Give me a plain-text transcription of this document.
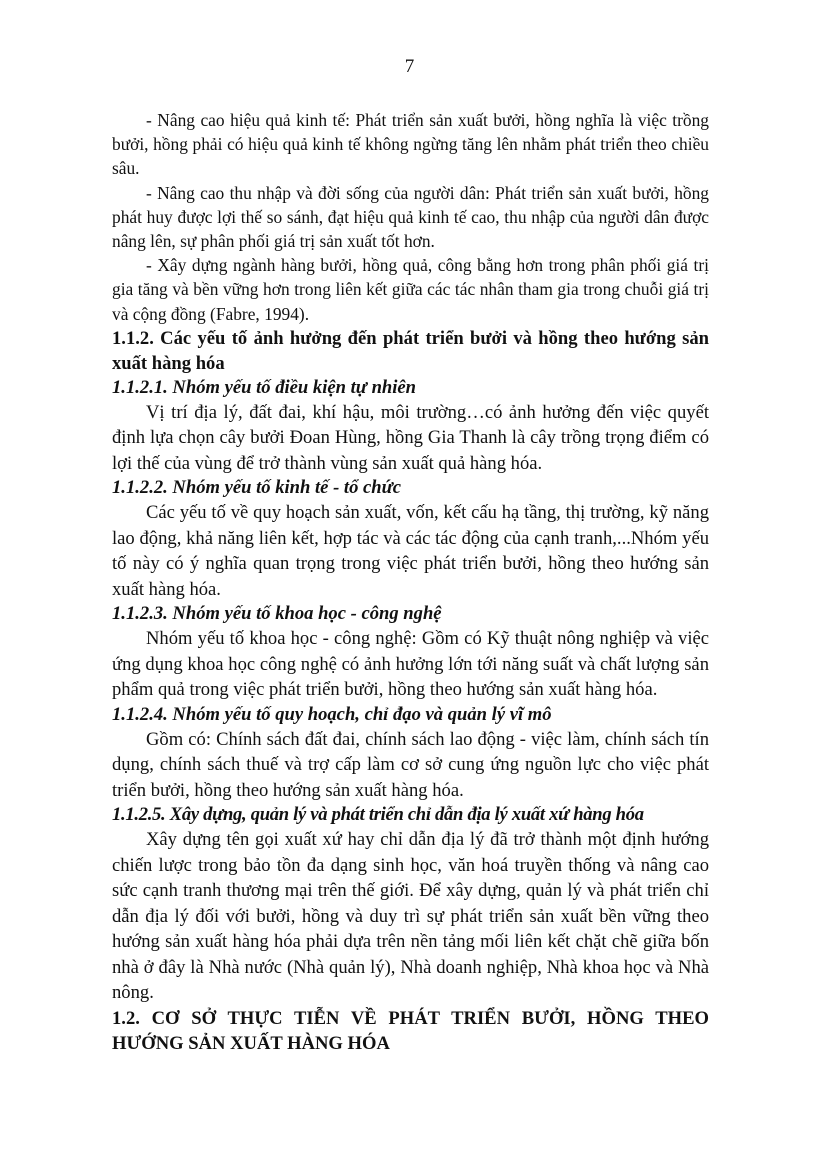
7

- Nâng cao hiệu quả kinh tế: Phát triển sản xuất bưởi, hồng nghĩa là việc trồng bưởi, hồng phải có hiệu quả kinh tế không ngừng tăng lên nhằm phát triển theo chiều sâu.

- Nâng cao thu nhập và đời sống của người dân: Phát triển sản xuất bưởi, hồng phát huy được lợi thế so sánh, đạt hiệu quả kinh tế cao, thu nhập của người dân được nâng lên, sự phân phối giá trị sản xuất tốt hơn.

- Xây dựng ngành hàng bưởi, hồng quả, công bằng hơn trong phân phối giá trị gia tăng và bền vững hơn trong liên kết giữa các tác nhân tham gia trong chuỗi giá trị và cộng đồng (Fabre, 1994).

1.1.2. Các yếu tố ảnh hưởng đến phát triển bưởi và hồng theo hướng sản xuất hàng hóa

1.1.2.1. Nhóm yếu tố điều kiện tự nhiên

Vị trí địa lý, đất đai, khí hậu, môi trường…có ảnh hưởng đến việc quyết định lựa chọn cây bưởi Đoan Hùng, hồng Gia Thanh là cây trồng trọng điểm có lợi thế của vùng để trở thành vùng sản xuất quả hàng hóa.

1.1.2.2. Nhóm yếu tố kinh tế - tổ chức

Các yếu tố về quy hoạch sản xuất, vốn, kết cấu hạ tầng, thị trường, kỹ năng lao động, khả năng liên kết, hợp tác và các tác động của cạnh tranh,...Nhóm yếu tố này có ý nghĩa quan trọng trong việc phát triển bưởi, hồng theo hướng sản xuất hàng hóa.

1.1.2.3. Nhóm yếu tố khoa học - công nghệ

Nhóm yếu tố khoa học - công nghệ: Gồm có Kỹ thuật nông nghiệp và việc ứng dụng khoa học công nghệ có ảnh hưởng lớn tới năng suất và chất lượng sản phẩm quả trong việc phát triển bưởi, hồng theo hướng sản xuất hàng hóa.

1.1.2.4. Nhóm yếu tố quy hoạch, chỉ đạo và quản lý vĩ mô

Gồm có: Chính sách đất đai, chính sách lao động - việc làm, chính sách tín dụng, chính sách thuế và trợ cấp làm cơ sở cung ứng nguồn lực cho việc phát triển bưởi, hồng theo hướng sản xuất hàng hóa.

1.1.2.5. Xây dựng, quản lý và phát triển chỉ dẫn địa lý xuất xứ hàng hóa

Xây dựng tên gọi xuất xứ hay chỉ dẫn địa lý đã trở thành một định hướng chiến lược trong bảo tồn đa dạng sinh học, văn hoá truyền thống và nâng cao sức cạnh tranh thương mại trên thế giới. Để xây dựng, quản lý và phát triển chỉ dẫn địa lý đối với bưởi, hồng và duy trì sự phát triển sản xuất bền vững theo hướng sản xuất hàng hóa phải dựa trên nền tảng mối liên kết chặt chẽ giữa bốn nhà ở đây là Nhà nước (Nhà quản lý), Nhà doanh nghiệp, Nhà khoa học và Nhà nông.

1.2. CƠ SỞ THỰC TIỄN VỀ PHÁT TRIỂN BƯỞI, HỒNG THEO HƯỚNG SẢN XUẤT HÀNG HÓA
